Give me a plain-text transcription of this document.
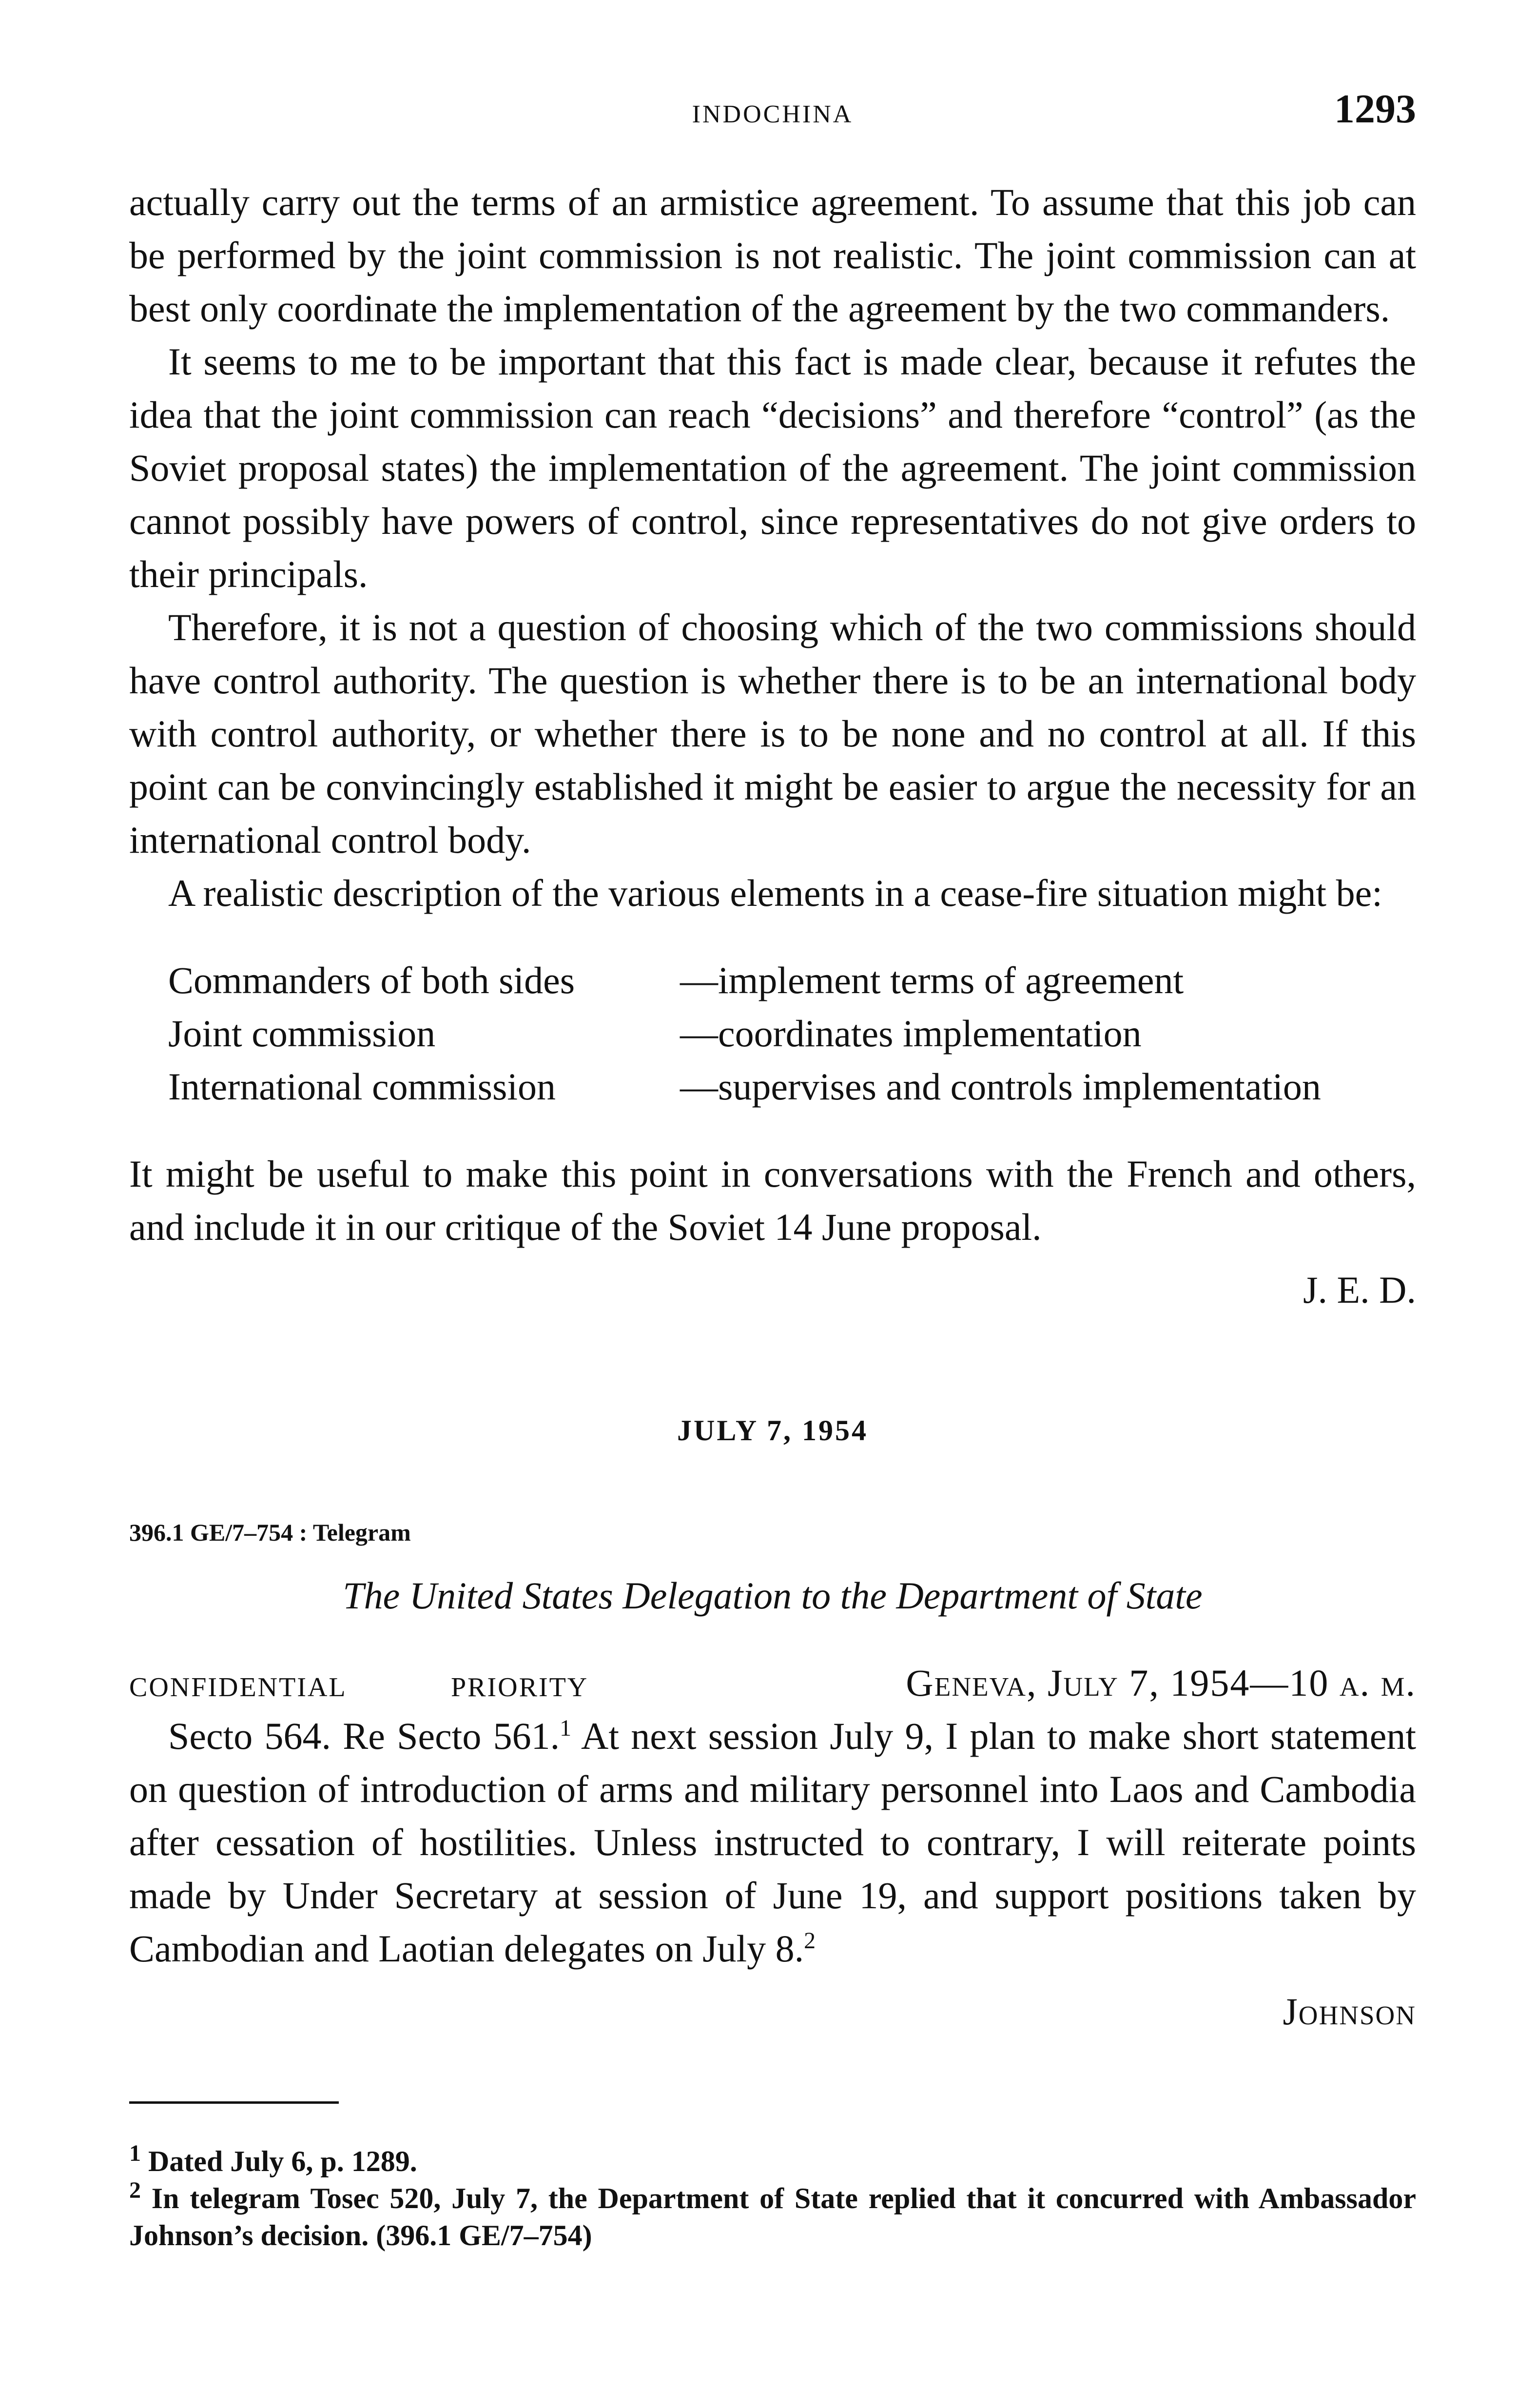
INDOCHINA	1293

actually carry out the terms of an armistice agreement. To assume that this job can be performed by the joint commission is not realistic. The joint commission can at best only coordinate the implementation of the agreement by the two commanders.

It seems to me to be important that this fact is made clear, because it refutes the idea that the joint commission can reach “decisions” and therefore “control” (as the Soviet proposal states) the implementation of the agreement. The joint commission cannot possibly have powers of control, since representatives do not give orders to their principals.

Therefore, it is not a question of choosing which of the two commissions should have control authority. The question is whether there is to be an international body with control authority, or whether there is to be none and no control at all. If this point can be convincingly established it might be easier to argue the necessity for an international control body.

A realistic description of the various elements in a cease-fire situation might be:

Commanders of both sides	—implement terms of agreement
Joint commission	—coordinates implementation
International commission	—supervises and controls implementation

It might be useful to make this point in conversations with the French and others, and include it in our critique of the Soviet 14 June proposal.

J. E. D.
JULY 7, 1954
396.1 GE/7–754 : Telegram
The United States Delegation to the Department of State
CONFIDENTIAL	PRIORITY	Geneva, July 7, 1954—10 a. m.

Secto 564. Re Secto 561.$^1$ At next session July 9, I plan to make short statement on question of introduction of arms and military personnel into Laos and Cambodia after cessation of hostilities. Unless instructed to contrary, I will reiterate points made by Under Secretary at session of June 19, and support positions taken by Cambodian and Laotian delegates on July 8.$^2$

Johnson

$^1$ Dated July 6, p. 1289.

$^2$ In telegram Tosec 520, July 7, the Department of State replied that it concurred with Ambassador Johnson’s decision. (396.1 GE/7–754)
